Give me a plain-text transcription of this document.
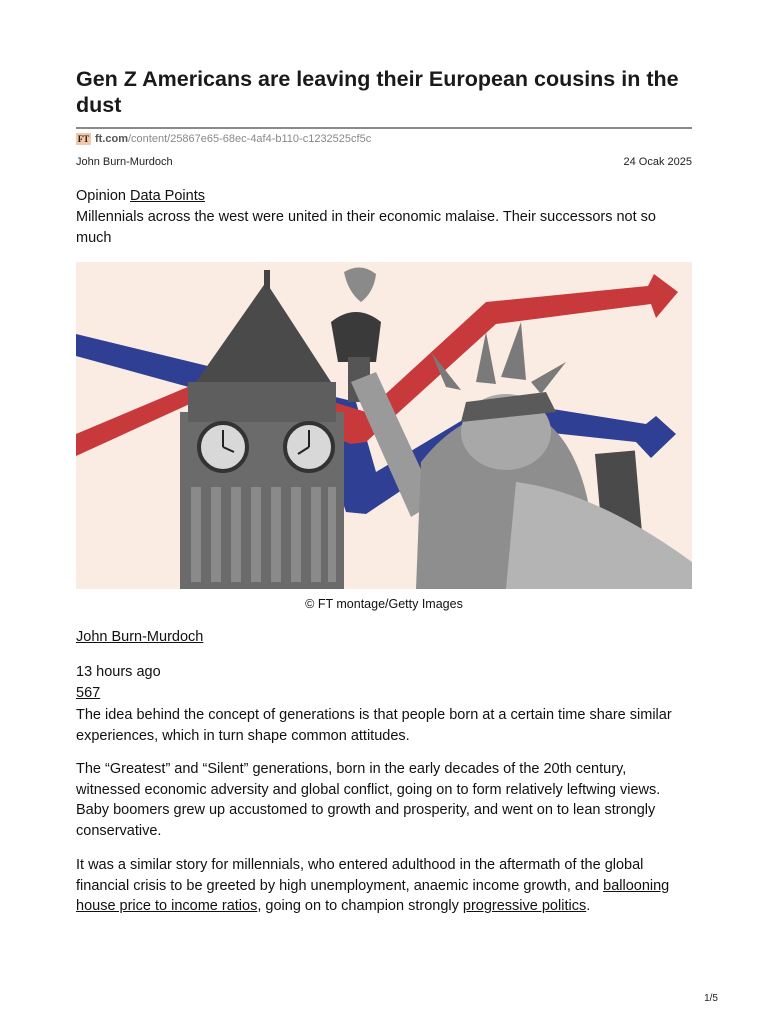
Gen Z Americans are leaving their European cousins in the dust
FT ft.com /content/25867e65-68ec-4af4-b110-c1232525cf5c
John Burn-Murdoch	24 Ocak 2025
Opinion Data Points
Millennials across the west were united in their economic malaise. Their successors not so much
© FT montage/Getty Images
John Burn-Murdoch
13 hours ago
567

The idea behind the concept of generations is that people born at a certain time share similar experiences, which in turn shape common attitudes.

The “Greatest” and “Silent” generations, born in the early decades of the 20th century, witnessed economic adversity and global conflict, going on to form relatively leftwing views. Baby boomers grew up accustomed to growth and prosperity, and went on to lean strongly conservative.

It was a similar story for millennials, who entered adulthood in the aftermath of the global financial crisis to be greeted by high unemployment, anaemic income growth, and ballooning house price to income ratios, going on to champion strongly progressive politics.

1/5
